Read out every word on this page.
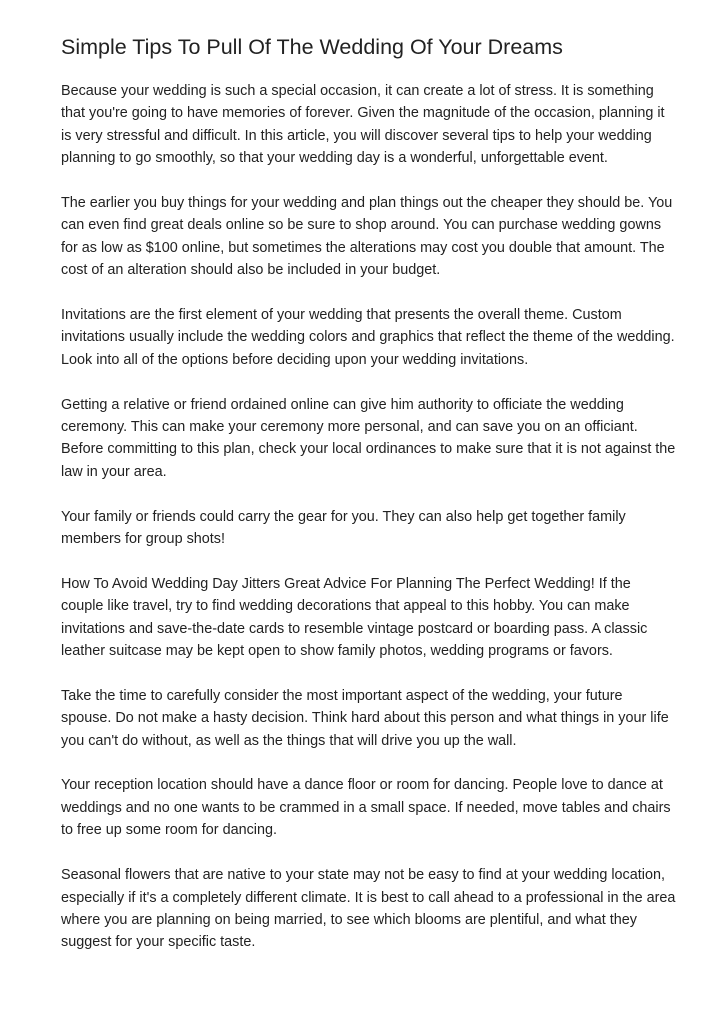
Simple Tips To Pull Of The Wedding Of Your Dreams

Because your wedding is such a special occasion, it can create a lot of stress. It is something that you're going to have memories of forever. Given the magnitude of the occasion, planning it is very stressful and difficult. In this article, you will discover several tips to help your wedding planning to go smoothly, so that your wedding day is a wonderful, unforgettable event.

The earlier you buy things for your wedding and plan things out the cheaper they should be. You can even find great deals online so be sure to shop around. You can purchase wedding gowns for as low as $100 online, but sometimes the alterations may cost you double that amount. The cost of an alteration should also be included in your budget.

Invitations are the first element of your wedding that presents the overall theme. Custom invitations usually include the wedding colors and graphics that reflect the theme of the wedding. Look into all of the options before deciding upon your wedding invitations.

Getting a relative or friend ordained online can give him authority to officiate the wedding ceremony. This can make your ceremony more personal, and can save you on an officiant. Before committing to this plan, check your local ordinances to make sure that it is not against the law in your area.

Your family or friends could carry the gear for you. They can also help get together family members for group shots!

How To Avoid Wedding Day Jitters Great Advice For Planning The Perfect Wedding! If the couple like travel, try to find wedding decorations that appeal to this hobby. You can make invitations and save-the-date cards to resemble vintage postcard or boarding pass. A classic leather suitcase may be kept open to show family photos, wedding programs or favors.

Take the time to carefully consider the most important aspect of the wedding, your future spouse. Do not make a hasty decision. Think hard about this person and what things in your life you can't do without, as well as the things that will drive you up the wall.

Your reception location should have a dance floor or room for dancing. People love to dance at weddings and no one wants to be crammed in a small space. If needed, move tables and chairs to free up some room for dancing.

Seasonal flowers that are native to your state may not be easy to find at your wedding location, especially if it's a completely different climate. It is best to call ahead to a professional in the area where you are planning on being married, to see which blooms are plentiful, and what they suggest for your specific taste.
